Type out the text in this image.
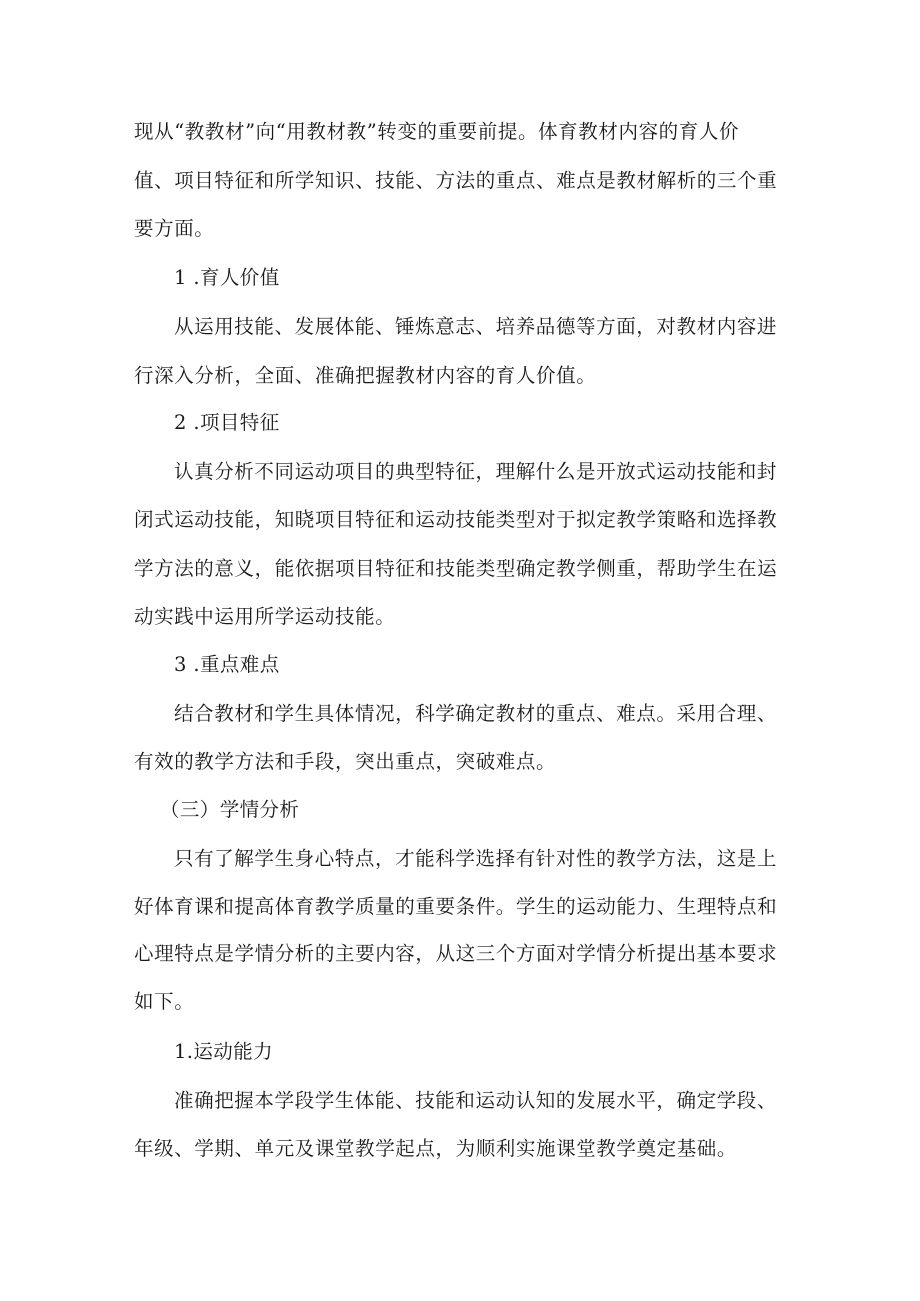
现从“教教材”向“用教材教”转变的重要前提。体育教材内容的育人价
值、项目特征和所学知识、技能、方法的重点、难点是教材解析的三个重
要方面。
1 .育人价值
从运用技能、发展体能、锤炼意志、培养品德等方面，对教材内容进
行深入分析，全面、准确把握教材内容的育人价值。
2 .项目特征
认真分析不同运动项目的典型特征，理解什么是开放式运动技能和封
闭式运动技能，知晓项目特征和运动技能类型对于拟定教学策略和选择教
学方法的意义，能依据项目特征和技能类型确定教学侧重，帮助学生在运
动实践中运用所学运动技能。
3 .重点难点
结合教材和学生具体情况，科学确定教材的重点、难点。采用合理、
有效的教学方法和手段，突出重点，突破难点。
（三）学情分析
只有了解学生身心特点，才能科学选择有针对性的教学方法，这是上
好体育课和提高体育教学质量的重要条件。学生的运动能力、生理特点和
心理特点是学情分析的主要内容，从这三个方面对学情分析提出基本要求
如下。
1.运动能力
准确把握本学段学生体能、技能和运动认知的发展水平，确定学段、
年级、学期、单元及课堂教学起点，为顺利实施课堂教学奠定基础。
